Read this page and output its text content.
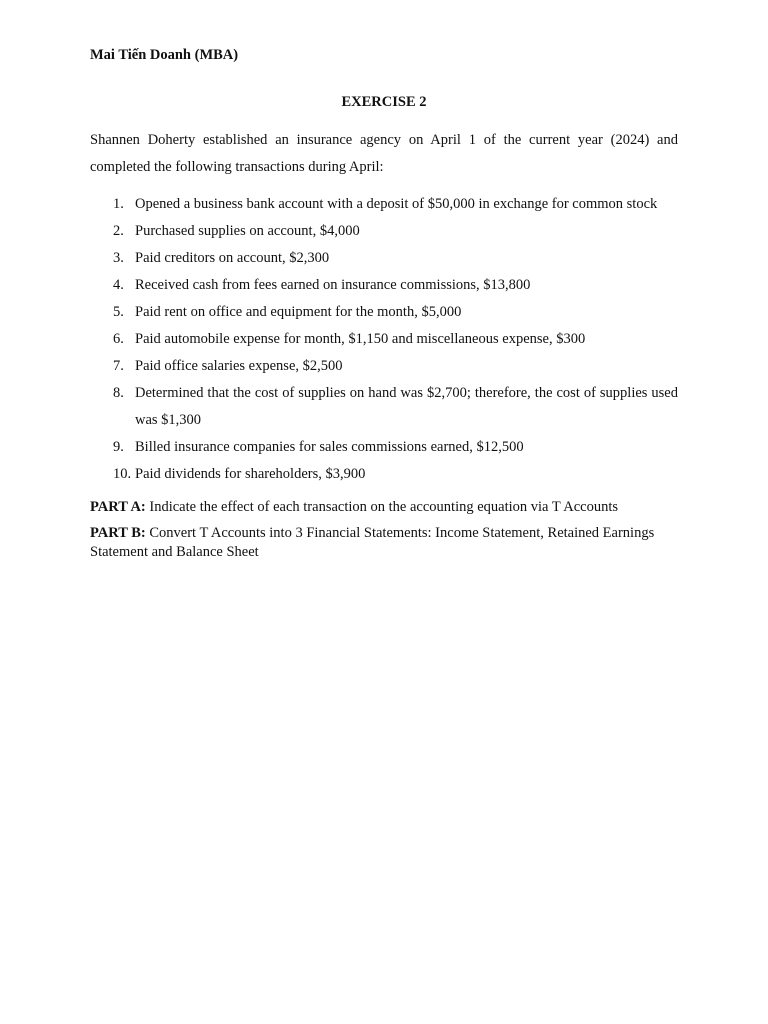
Mai Tiến Doanh (MBA)

EXERCISE 2

Shannen Doherty established an insurance agency on April 1 of the current year (2024) and completed the following transactions during April:

1. Opened a business bank account with a deposit of $50,000 in exchange for common stock
2. Purchased supplies on account, $4,000
3. Paid creditors on account, $2,300
4. Received cash from fees earned on insurance commissions, $13,800
5. Paid rent on office and equipment for the month, $5,000
6. Paid automobile expense for month, $1,150 and miscellaneous expense, $300
7. Paid office salaries expense, $2,500
8. Determined that the cost of supplies on hand was $2,700; therefore, the cost of supplies used was $1,300
9. Billed insurance companies for sales commissions earned, $12,500
10. Paid dividends for shareholders, $3,900

PART A: Indicate the effect of each transaction on the accounting equation via T Accounts

PART B: Convert T Accounts into 3 Financial Statements: Income Statement, Retained Earnings Statement and Balance Sheet
